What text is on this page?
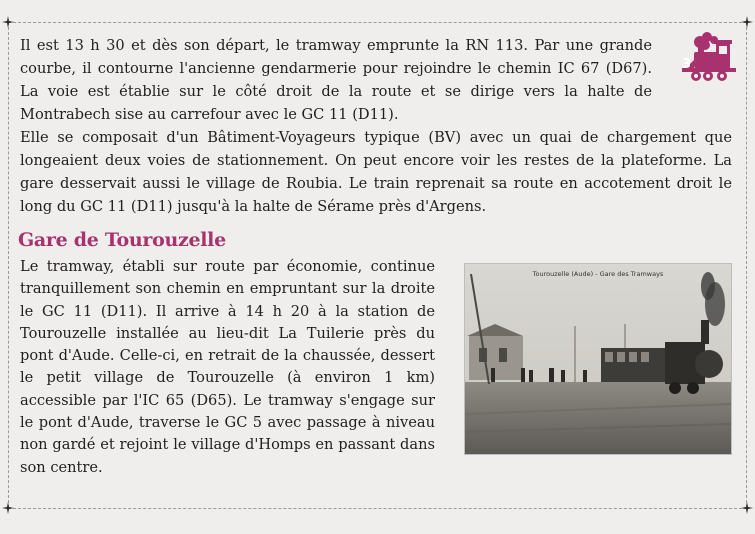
Il est 13 h 30 et dès son départ, le tramway emprunte la RN 113. Par une grande courbe, il contourne l'ancienne gendarmerie pour rejoindre le chemin IC 67 (D67). La voie est établie sur le côté droit de la route et se dirige vers la halte de Montrabech sise au carrefour avec le GC 11 (D11).

Elle se composait d'un Bâtiment-Voyageurs typique (BV) avec un quai de chargement que longeaient deux voies de stationnement. On peut encore voir les restes de la plateforme. La gare desservait aussi le village de Roubia. Le train reprenait sa route en accotement droit le long du GC 11 (D11) jusqu'à la halte de Sérame près d'Argens.

3
Gare de Tourouzelle

Le tramway, établi sur route par économie, continue tranquillement son chemin en empruntant sur la droite le GC 11 (D11). Il arrive à 14 h 20 à la station de Tourouzelle installée au lieu-dit La Tuilerie près du pont d'Aude. Celle-ci, en retrait de la chaussée, dessert le petit village de Tourouzelle (à environ 1 km) accessible par l'IC 65 (D65). Le tramway s'engage sur le pont d'Aude, traverse le GC 5 avec passage à niveau non gardé et rejoint le village d'Homps en passant dans son centre.

Tourouzelle (Aude) - Gare des Tramways
